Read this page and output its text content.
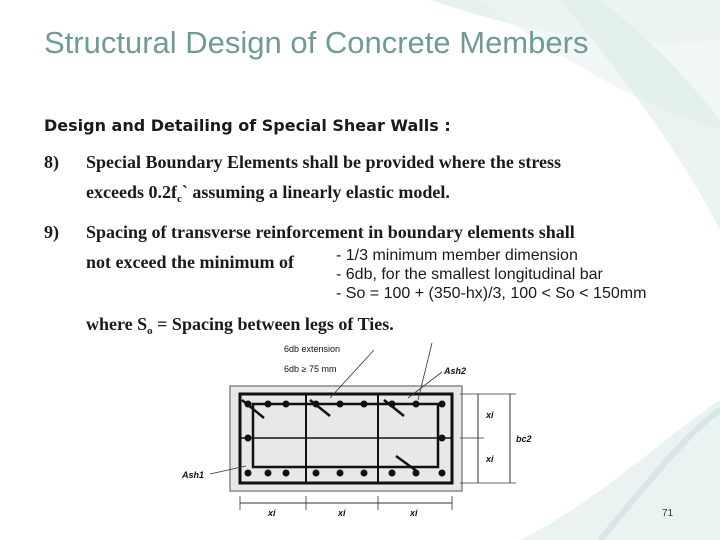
Structural Design of Concrete Members
Design and Detailing of Special Shear Walls :
8) Special Boundary Elements shall be provided where the stress
exceeds $0.2f_c`$ assuming a linearly elastic model.
9) Spacing of transverse reinforcement in boundary elements shall
not exceed the minimum of	- 1/3 minimum member dimension
- 6db, for the smallest longitudinal bar
- So = 100 + (350-hx)/3, 100 < So < 150mm
where $S_o$ = Spacing between legs of Ties.
6db extension
6db ≥ 75 mm	Ash2
Ash1
xi
xi
bc2
xi	xi	xi	71
